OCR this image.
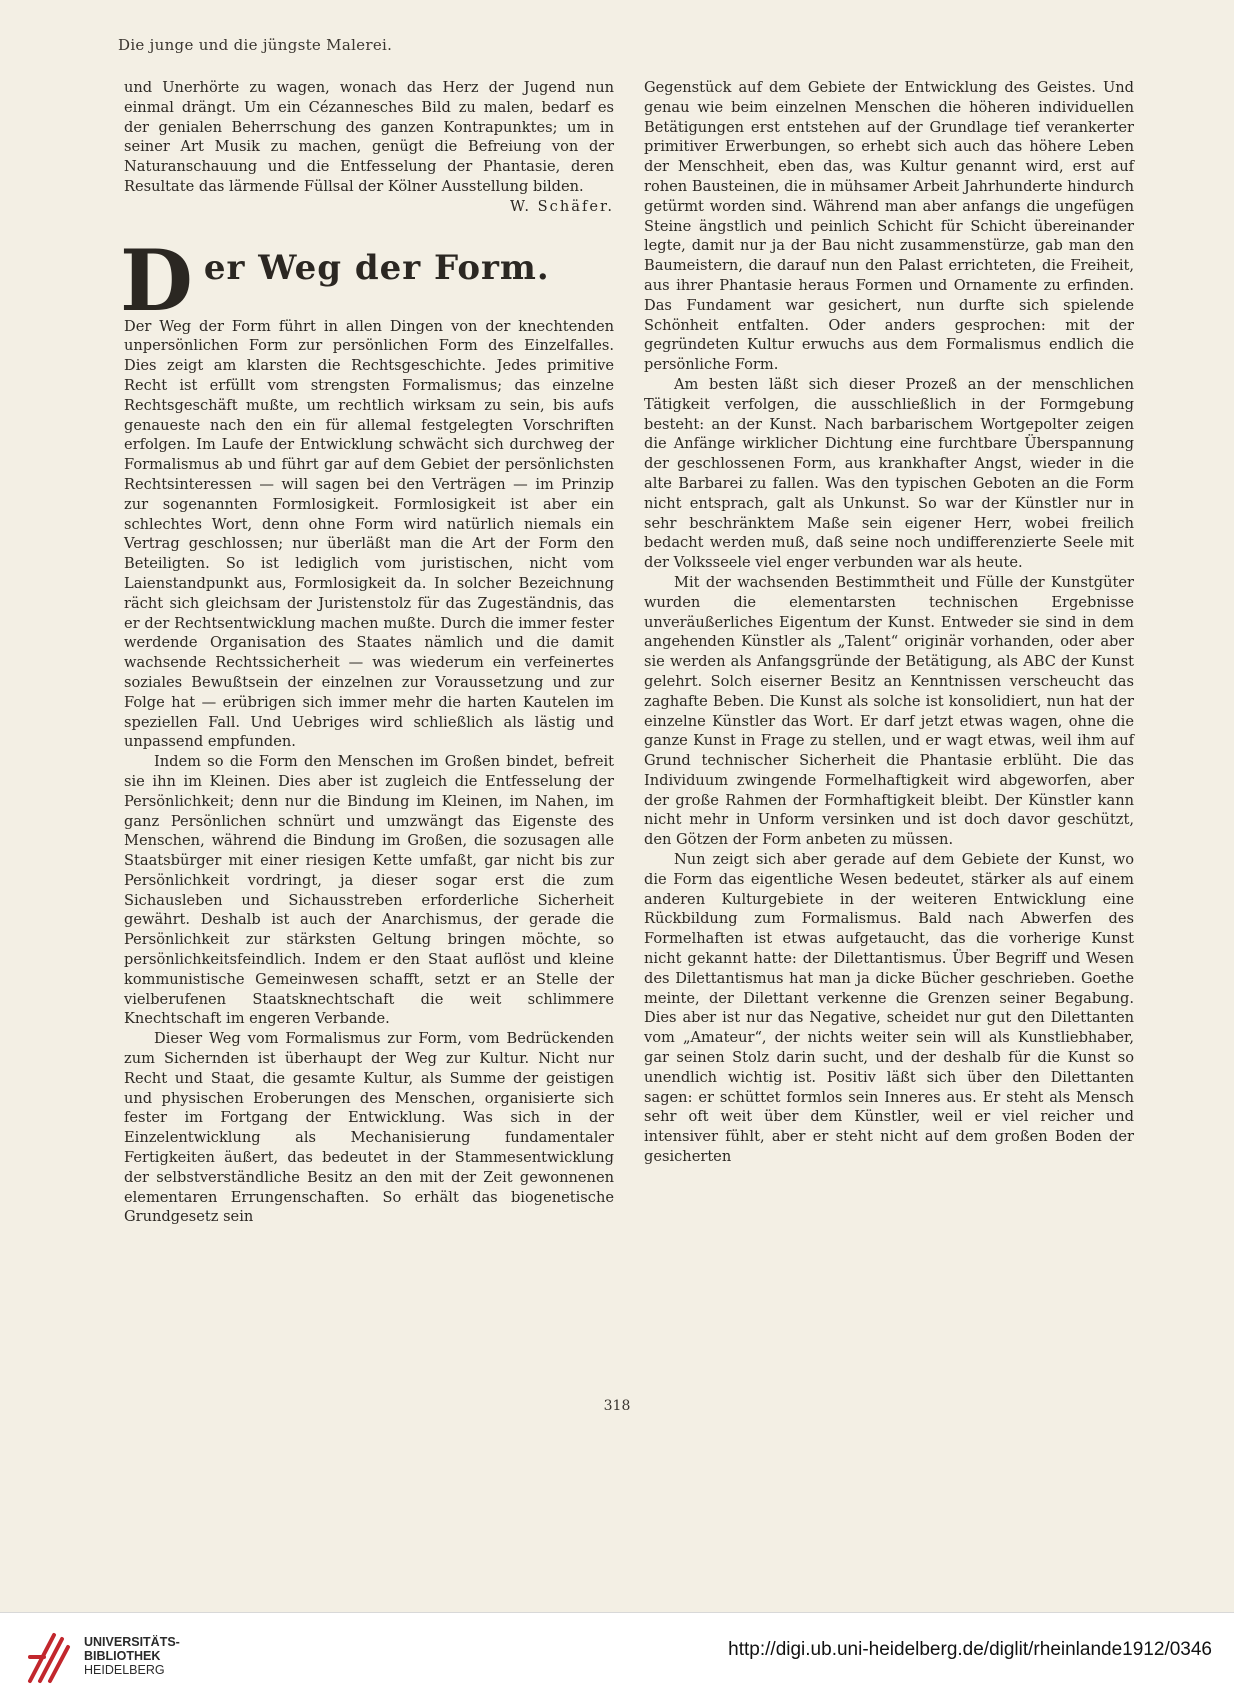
Die junge und die jüngste Malerei.

und Unerhörte zu wagen, wonach das Herz der Jugend nun einmal drängt. Um ein Cézannesches Bild zu malen, bedarf es der genialen Beherrschung des ganzen Kontrapunktes; um in seiner Art Musik zu machen, genügt die Befreiung von der Naturanschauung und die Entfesselung der Phantasie, deren Resultate das lärmende Füllsal der Kölner Ausstellung bilden.

W. Schäfer.

D er Weg der Form.

Der Weg der Form führt in allen Dingen von der knechtenden unpersönlichen Form zur persönlichen Form des Einzelfalles. Dies zeigt am klarsten die Rechtsgeschichte. Jedes primitive Recht ist erfüllt vom strengsten Formalismus; das einzelne Rechtsgeschäft mußte, um rechtlich wirksam zu sein, bis aufs genaueste nach den ein für allemal festgelegten Vorschriften erfolgen. Im Laufe der Entwicklung schwächt sich durchweg der Formalismus ab und führt gar auf dem Gebiet der persönlichsten Rechtsinteressen — will sagen bei den Verträgen — im Prinzip zur sogenannten Formlosigkeit. Formlosigkeit ist aber ein schlechtes Wort, denn ohne Form wird natürlich niemals ein Vertrag geschlossen; nur überläßt man die Art der Form den Beteiligten. So ist lediglich vom juristischen, nicht vom Laienstandpunkt aus, Formlosigkeit da. In solcher Bezeichnung rächt sich gleichsam der Juristenstolz für das Zugeständnis, das er der Rechtsentwicklung machen mußte. Durch die immer fester werdende Organisation des Staates nämlich und die damit wachsende Rechtssicherheit — was wiederum ein verfeinertes soziales Bewußtsein der einzelnen zur Voraussetzung und zur Folge hat — erübrigen sich immer mehr die harten Kautelen im speziellen Fall. Und Uebriges wird schließlich als lästig und unpassend empfunden.

Indem so die Form den Menschen im Großen bindet, befreit sie ihn im Kleinen. Dies aber ist zugleich die Entfesselung der Persönlichkeit; denn nur die Bindung im Kleinen, im Nahen, im ganz Persönlichen schnürt und umzwängt das Eigenste des Menschen, während die Bindung im Großen, die sozusagen alle Staatsbürger mit einer riesigen Kette umfaßt, gar nicht bis zur Persönlichkeit vordringt, ja dieser sogar erst die zum Sichausleben und Sichausstreben erforderliche Sicherheit gewährt. Deshalb ist auch der Anarchismus, der gerade die Persönlichkeit zur stärksten Geltung bringen möchte, so persönlichkeitsfeindlich. Indem er den Staat auflöst und kleine kommunistische Gemeinwesen schafft, setzt er an Stelle der vielberufenen Staatsknechtschaft die weit schlimmere Knechtschaft im engeren Verbande.

Dieser Weg vom Formalismus zur Form, vom Bedrückenden zum Sichernden ist überhaupt der Weg zur Kultur. Nicht nur Recht und Staat, die gesamte Kultur, als Summe der geistigen und physischen Eroberungen des Menschen, organisierte sich fester im Fortgang der Entwicklung. Was sich in der Einzelentwicklung als Mechanisierung fundamentaler Fertigkeiten äußert, das bedeutet in der Stammesentwicklung der selbstverständliche Besitz an den mit der Zeit gewonnenen elementaren Errungenschaften. So erhält das biogenetische Grundgesetz sein

Gegenstück auf dem Gebiete der Entwicklung des Geistes. Und genau wie beim einzelnen Menschen die höheren individuellen Betätigungen erst entstehen auf der Grundlage tief verankerter primitiver Erwerbungen, so erhebt sich auch das höhere Leben der Menschheit, eben das, was Kultur genannt wird, erst auf rohen Bausteinen, die in mühsamer Arbeit Jahrhunderte hindurch getürmt worden sind. Während man aber anfangs die ungefügen Steine ängstlich und peinlich Schicht für Schicht übereinander legte, damit nur ja der Bau nicht zusammenstürze, gab man den Baumeistern, die darauf nun den Palast errichteten, die Freiheit, aus ihrer Phantasie heraus Formen und Ornamente zu erfinden. Das Fundament war gesichert, nun durfte sich spielende Schönheit entfalten. Oder anders gesprochen: mit der gegründeten Kultur erwuchs aus dem Formalismus endlich die persönliche Form.

Am besten läßt sich dieser Prozeß an der menschlichen Tätigkeit verfolgen, die ausschließlich in der Formgebung besteht: an der Kunst. Nach barbarischem Wortgepolter zeigen die Anfänge wirklicher Dichtung eine furchtbare Überspannung der geschlossenen Form, aus krankhafter Angst, wieder in die alte Barbarei zu fallen. Was den typischen Geboten an die Form nicht entsprach, galt als Unkunst. So war der Künstler nur in sehr beschränktem Maße sein eigener Herr, wobei freilich bedacht werden muß, daß seine noch undifferenzierte Seele mit der Volksseele viel enger verbunden war als heute.

Mit der wachsenden Bestimmtheit und Fülle der Kunstgüter wurden die elementarsten technischen Ergebnisse unveräußerliches Eigentum der Kunst. Entweder sie sind in dem angehenden Künstler als „Talent“ originär vorhanden, oder aber sie werden als Anfangsgründe der Betätigung, als ABC der Kunst gelehrt. Solch eiserner Besitz an Kenntnissen verscheucht das zaghafte Beben. Die Kunst als solche ist konsolidiert, nun hat der einzelne Künstler das Wort. Er darf jetzt etwas wagen, ohne die ganze Kunst in Frage zu stellen, und er wagt etwas, weil ihm auf Grund technischer Sicherheit die Phantasie erblüht. Die das Individuum zwingende Formelhaftigkeit wird abgeworfen, aber der große Rahmen der Formhaftigkeit bleibt. Der Künstler kann nicht mehr in Unform versinken und ist doch davor geschützt, den Götzen der Form anbeten zu müssen.

Nun zeigt sich aber gerade auf dem Gebiete der Kunst, wo die Form das eigentliche Wesen bedeutet, stärker als auf einem anderen Kulturgebiete in der weiteren Entwicklung eine Rückbildung zum Formalismus. Bald nach Abwerfen des Formelhaften ist etwas aufgetaucht, das die vorherige Kunst nicht gekannt hatte: der Dilettantismus. Über Begriff und Wesen des Dilettantismus hat man ja dicke Bücher geschrieben. Goethe meinte, der Dilettant verkenne die Grenzen seiner Begabung. Dies aber ist nur das Negative, scheidet nur gut den Dilettanten vom „Amateur“, der nichts weiter sein will als Kunstliebhaber, gar seinen Stolz darin sucht, und der deshalb für die Kunst so unendlich wichtig ist. Positiv läßt sich über den Dilettanten sagen: er schüttet formlos sein Inneres aus. Er steht als Mensch sehr oft weit über dem Künstler, weil er viel reicher und intensiver fühlt, aber er steht nicht auf dem großen Boden der gesicherten

318
UNIVERSITÄTS-
BIBLIOTHEK
HEIDELBERG
http://digi.ub.uni-heidelberg.de/diglit/rheinlande1912/0346
